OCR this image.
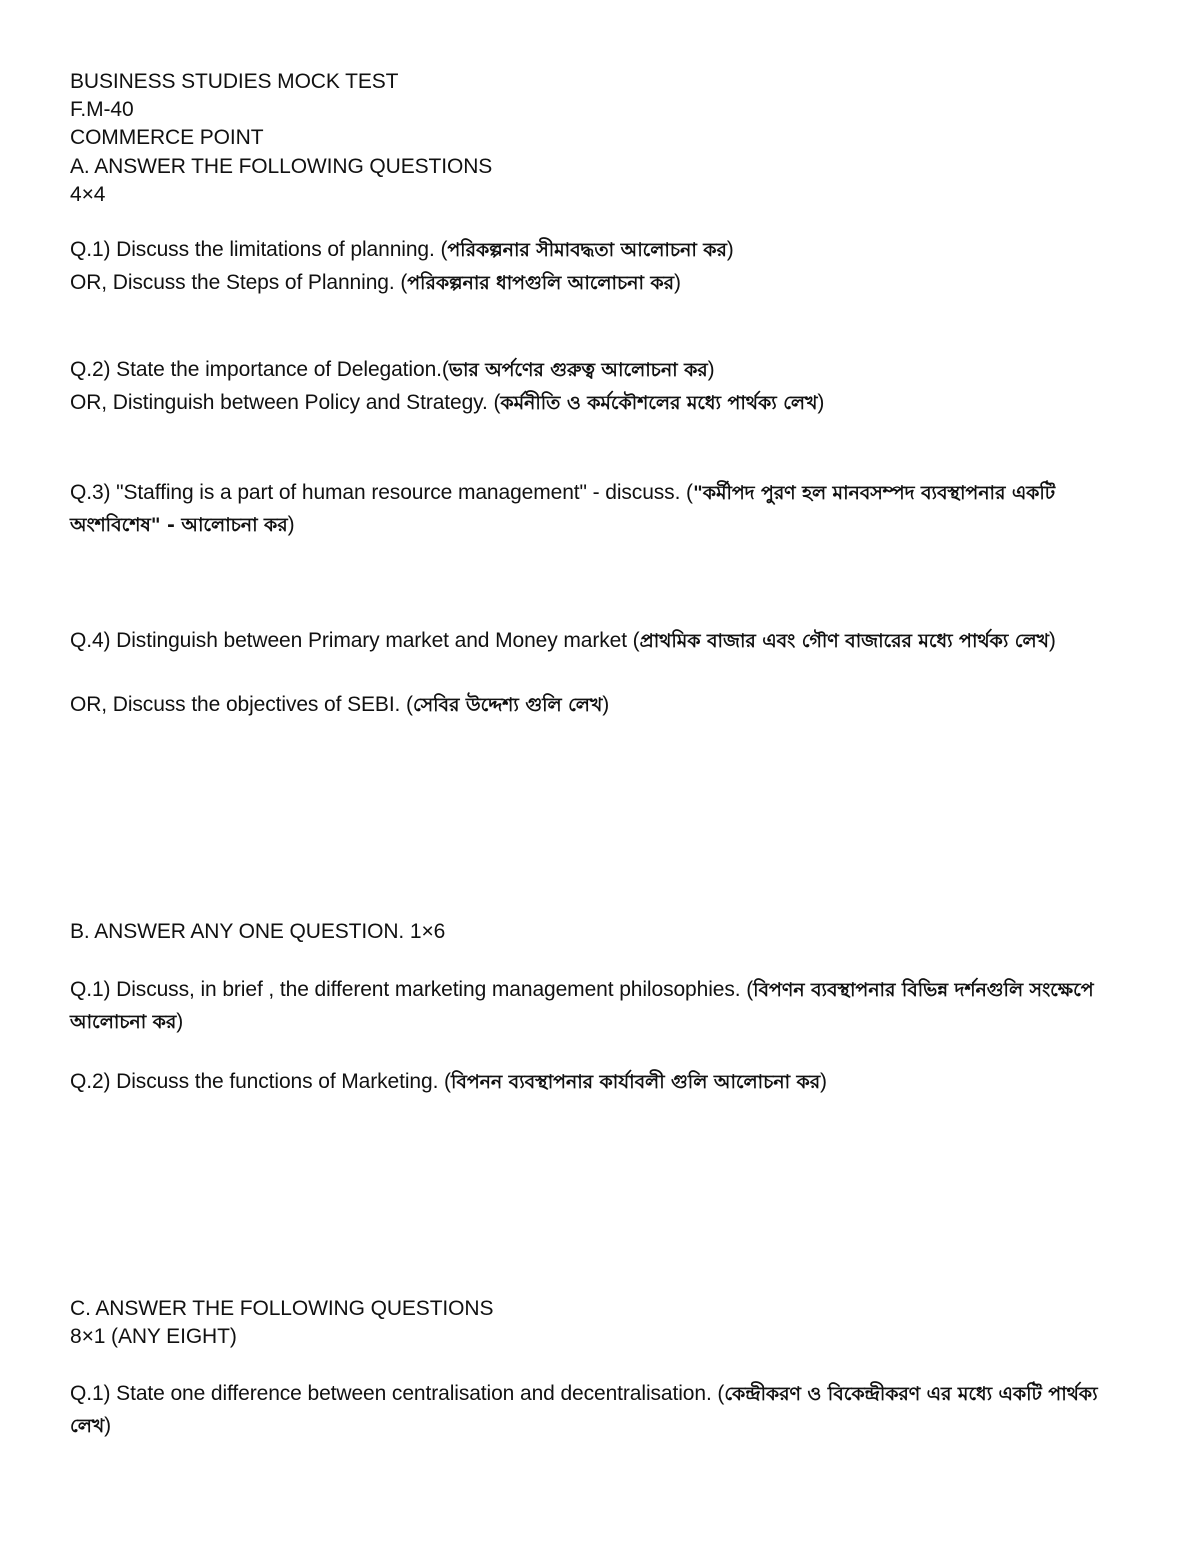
BUSINESS STUDIES MOCK TEST
F.M-40
COMMERCE POINT
A. ANSWER THE FOLLOWING QUESTIONS
4×4
Q.1) Discuss the limitations of planning. (পরিকল্পনার সীমাবদ্ধতা আলোচনা কর)
OR, Discuss the Steps of Planning. (পরিকল্পনার ধাপগুলি আলোচনা কর)
Q.2) State the importance of Delegation.(ভার অর্পণের গুরুত্ব আলোচনা কর)
OR, Distinguish between Policy and Strategy. (কর্মনীতি ও কর্মকৌশলের মধ্যে পার্থক্য লেখ)
Q.3) "Staffing is a part of human resource management" - discuss. ("কর্মীপদ পুরণ হল মানবসম্পদ ব্যবস্থাপনার একটি অংশবিশেষ" - আলোচনা কর)
Q.4) Distinguish between Primary market and Money market (প্রাথমিক বাজার এবং গৌণ বাজারের মধ্যে পার্থক্য লেখ)
OR, Discuss the objectives of SEBI. (সেবির উদ্দেশ্য গুলি লেখ)
B. ANSWER ANY ONE QUESTION. 1×6
Q.1) Discuss, in brief , the different marketing management philosophies. (বিপণন ব্যবস্থাপনার বিভিন্ন দর্শনগুলি সংক্ষেপে আলোচনা কর)
Q.2) Discuss the functions of Marketing. (বিপনন ব্যবস্থাপনার কার্যাবলী গুলি আলোচনা কর)
C. ANSWER THE FOLLOWING QUESTIONS
8×1 (ANY EIGHT)
Q.1) State one difference between centralisation and decentralisation. (কেন্দ্রীকরণ ও বিকেন্দ্রীকরণ এর মধ্যে একটি পার্থক্য লেখ)
